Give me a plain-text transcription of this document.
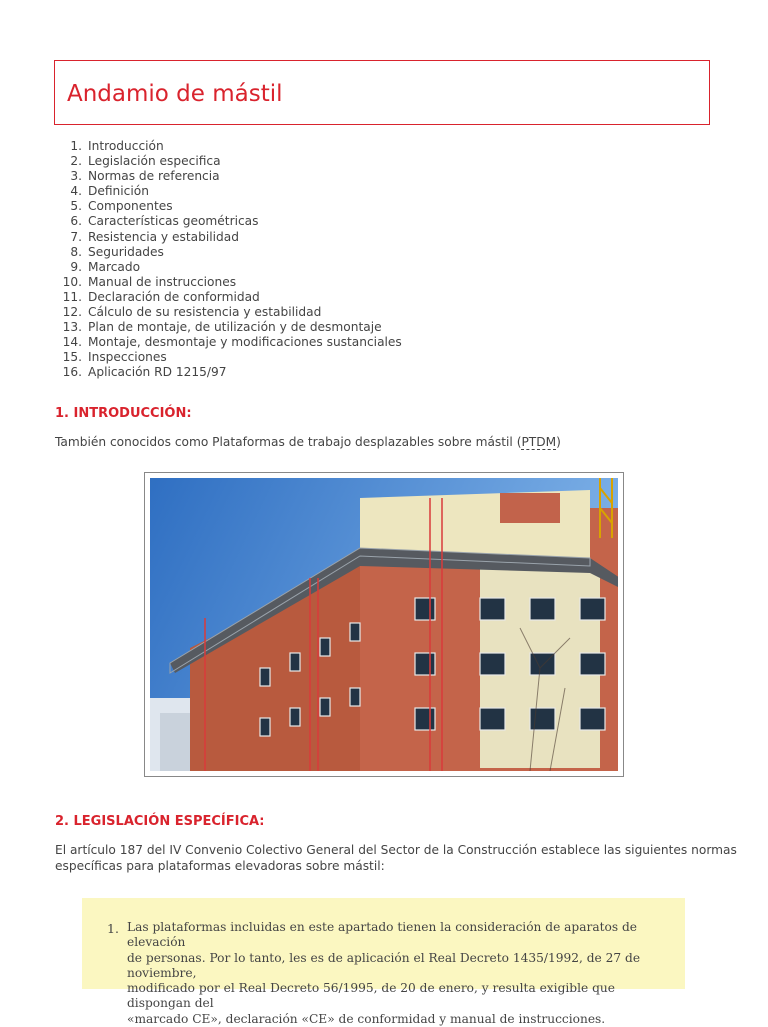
Andamio de mástil
1. Introducción
2. Legislación especifica
3. Normas de referencia
4. Definición
5. Componentes
6. Características geométricas
7. Resistencia y estabilidad
8. Seguridades
9. Marcado
10. Manual de instrucciones
11. Declaración de conformidad
12. Cálculo de su resistencia y estabilidad
13. Plan de montaje, de utilización y de desmontaje
14. Montaje, desmontaje y modificaciones sustanciales
15. Inspecciones
16. Aplicación RD 1215/97
1. INTRODUCCIÓN:

También conocidos como Plataformas de trabajo desplazables sobre mástil (PTDM)

2. LEGISLACIÓN ESPECÍFICA:

El artículo 187 del IV Convenio Colectivo General del Sector de la Construcción establece las siguientes normas
específicas para plataformas elevadoras sobre mástil:

1. Las plataformas incluidas en este apartado tienen la consideración de aparatos de elevación
de personas. Por lo tanto, les es de aplicación el Real Decreto 1435/1992, de 27 de noviembre,
modificado por el Real Decreto 56/1995, de 20 de enero, y resulta exigible que dispongan del
«marcado CE», declaración «CE» de conformidad y manual de instrucciones.
